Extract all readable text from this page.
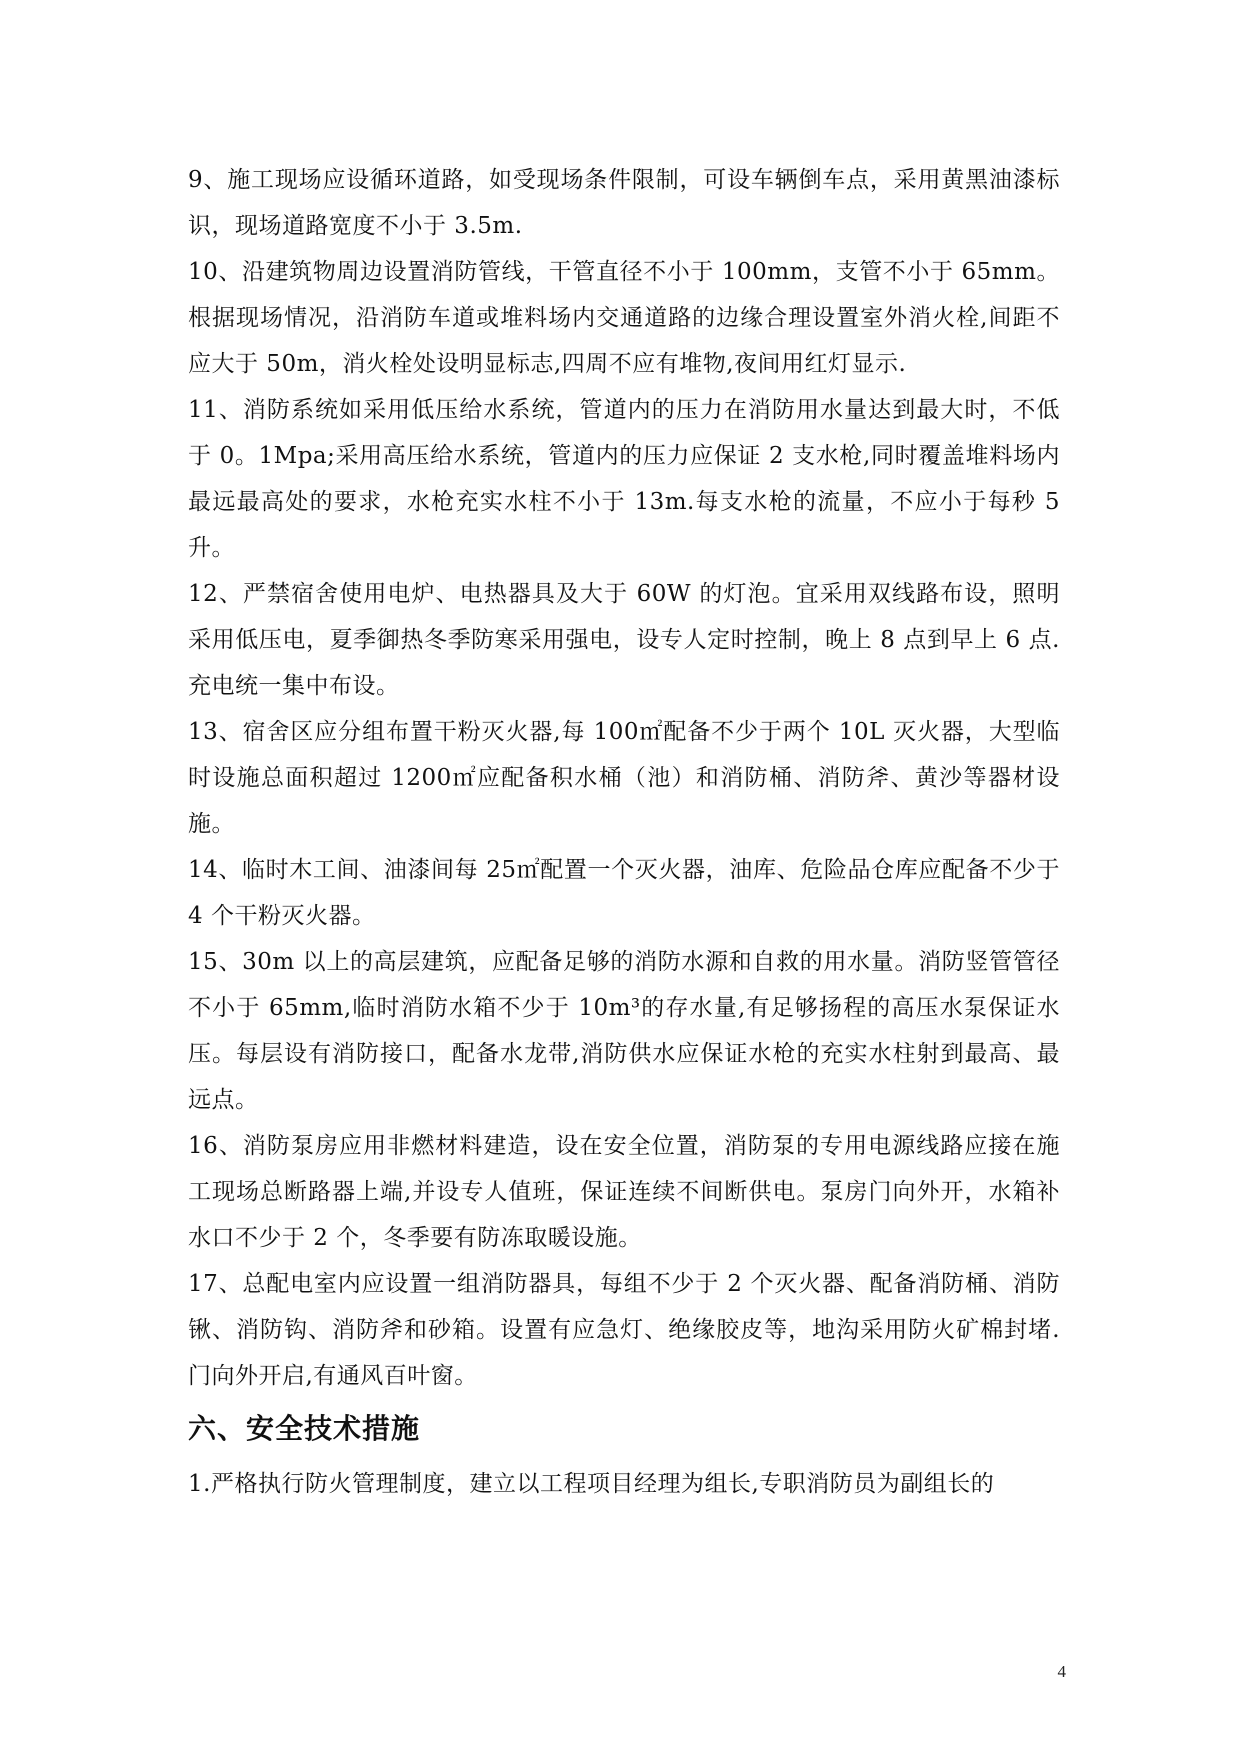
9、施工现场应设循环道路，如受现场条件限制，可设车辆倒车点，采用黄黑油漆标识，现场道路宽度不小于 3.5m.

10、沿建筑物周边设置消防管线，干管直径不小于 100mm，支管不小于 65mm。根据现场情况，沿消防车道或堆料场内交通道路的边缘合理设置室外消火栓,间距不应大于 50m，消火栓处设明显标志,四周不应有堆物,夜间用红灯显示.

11、消防系统如采用低压给水系统，管道内的压力在消防用水量达到最大时，不低于 0。1Mpa;采用高压给水系统，管道内的压力应保证 2 支水枪,同时覆盖堆料场内最远最高处的要求，水枪充实水柱不小于 13m.每支水枪的流量，不应小于每秒 5 升。

12、严禁宿舍使用电炉、电热器具及大于 60W 的灯泡。宜采用双线路布设，照明采用低压电，夏季御热冬季防寒采用强电，设专人定时控制，晚上 8 点到早上 6 点.　 充电统一集中布设。

13、宿舍区应分组布置干粉灭火器,每 100㎡配备不少于两个 10L 灭火器，大型临时设施总面积超过 1200㎡应配备积水桶（池）和消防桶、消防斧、黄沙等器材设施。

14、临时木工间、油漆间每 25㎡配置一个灭火器，油库、危险品仓库应配备不少于 4 个干粉灭火器。

15、30m 以上的高层建筑，应配备足够的消防水源和自救的用水量。消防竖管管径不小于 65mm,临时消防水箱不少于 10m³的存水量,有足够扬程的高压水泵保证水压。每层设有消防接口，配备水龙带,消防供水应保证水枪的充实水柱射到最高、最远点。

16、消防泵房应用非燃材料建造，设在安全位置，消防泵的专用电源线路应接在施工现场总断路器上端,并设专人值班，保证连续不间断供电。泵房门向外开，水箱补水口不少于 2 个，冬季要有防冻取暖设施。

17、总配电室内应设置一组消防器具，每组不少于 2 个灭火器、配备消防桶、消防锹、消防钩、消防斧和砂箱。设置有应急灯、绝缘胶皮等，地沟采用防火矿棉封堵.门向外开启,有通风百叶窗。

六、安全技术措施

1.严格执行防火管理制度，建立以工程项目经理为组长,专职消防员为副组长的

4
